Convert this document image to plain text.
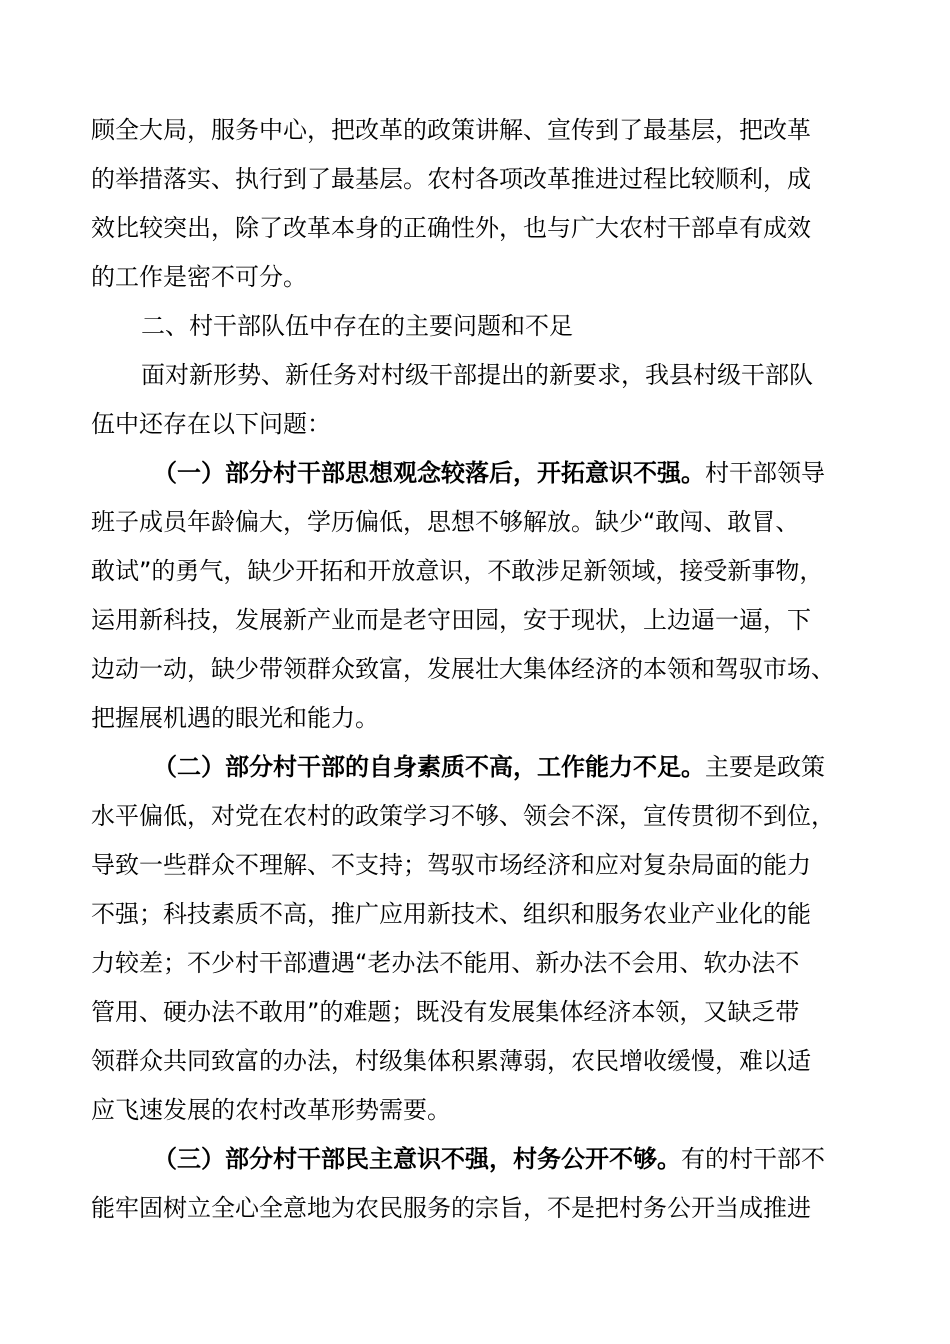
顾全大局，服务中心，把改革的政策讲解、宣传到了最基层，把改革
的举措落实、执行到了最基层。农村各项改革推进过程比较顺利，成
效比较突出，除了改革本身的正确性外，也与广大农村干部卓有成效
的工作是密不可分。
二、村干部队伍中存在的主要问题和不足
面对新形势、新任务对村级干部提出的新要求，我县村级干部队
伍中还存在以下问题：
（一）部分村干部思想观念较落后，开拓意识不强。村干部领导
班子成员年龄偏大，学历偏低，思想不够解放。缺少“敢闯、敢冒、
敢试”的勇气，缺少开拓和开放意识，不敢涉足新领域，接受新事物，
运用新科技，发展新产业而是老守田园，安于现状，上边逼一逼，下
边动一动，缺少带领群众致富，发展壮大集体经济的本领和驾驭市场、
把握展机遇的眼光和能力。
（二）部分村干部的自身素质不高，工作能力不足。主要是政策
水平偏低，对党在农村的政策学习不够、领会不深，宣传贯彻不到位，
导致一些群众不理解、不支持；驾驭市场经济和应对复杂局面的能力
不强；科技素质不高，推广应用新技术、组织和服务农业产业化的能
力较差；不少村干部遭遇“老办法不能用、新办法不会用、软办法不
管用、硬办法不敢用”的难题；既没有发展集体经济本领，又缺乏带
领群众共同致富的办法，村级集体积累薄弱，农民增收缓慢，难以适
应飞速发展的农村改革形势需要。
（三）部分村干部民主意识不强，村务公开不够。有的村干部不
能牢固树立全心全意地为农民服务的宗旨，不是把村务公开当成推进
